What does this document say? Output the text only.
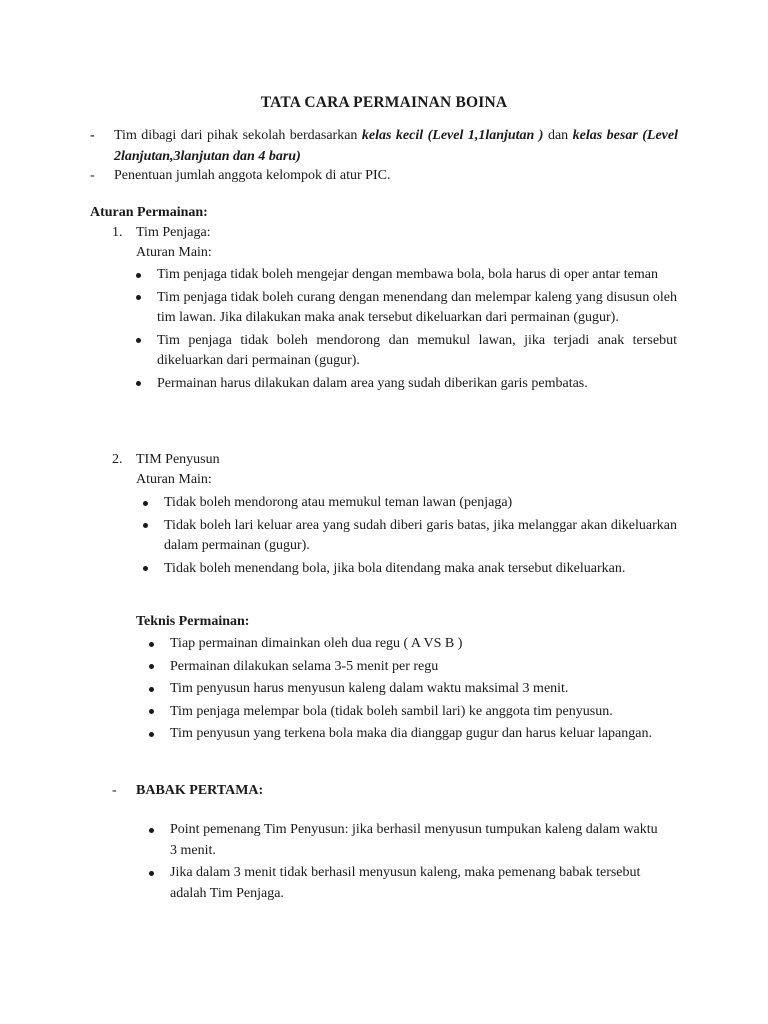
TATA CARA PERMAINAN BOINA
- Tim dibagi dari pihak sekolah berdasarkan kelas kecil (Level 1,1lanjutan ) dan kelas besar (Level 2lanjutan,3lanjutan dan 4 baru)
- Penentuan jumlah anggota kelompok di atur PIC.
Aturan Permainan:
1. Tim Penjaga:
Aturan Main:
Tim penjaga tidak boleh mengejar dengan membawa bola, bola harus di oper antar teman
Tim penjaga tidak boleh curang dengan menendang dan melempar kaleng yang disusun oleh tim lawan. Jika dilakukan maka anak tersebut dikeluarkan dari permainan (gugur).
Tim penjaga tidak boleh mendorong dan memukul lawan, jika terjadi anak tersebut dikeluarkan dari permainan (gugur).
Permainan harus dilakukan dalam area yang sudah diberikan garis pembatas.
2. TIM Penyusun
Aturan Main:
Tidak boleh mendorong atau memukul teman lawan (penjaga)
Tidak boleh lari keluar area yang sudah diberi garis batas, jika melanggar akan dikeluarkan dalam permainan (gugur).
Tidak boleh menendang bola, jika bola ditendang maka anak tersebut dikeluarkan.
Teknis Permainan:
Tiap permainan dimainkan oleh dua regu ( A VS B )
Permainan dilakukan selama 3-5 menit per regu
Tim penyusun harus menyusun kaleng dalam waktu maksimal 3 menit.
Tim penjaga melempar bola (tidak boleh sambil lari) ke anggota tim penyusun.
Tim penyusun yang terkena bola maka dia dianggap gugur dan harus keluar lapangan.
- BABAK PERTAMA:
Point pemenang Tim Penyusun: jika berhasil menyusun tumpukan kaleng dalam waktu 3 menit.
Jika dalam 3 menit tidak berhasil menyusun kaleng, maka pemenang babak tersebut adalah Tim Penjaga.
